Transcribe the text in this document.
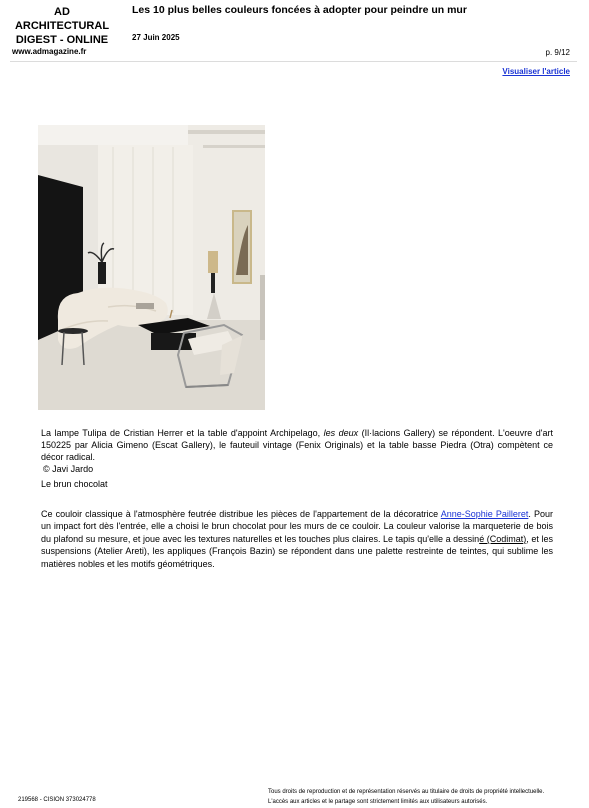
AD
ARCHITECTURAL
DIGEST - ONLINE
www.admagazine.fr
Les 10 plus belles couleurs foncées à adopter pour peindre un mur
27 Juin 2025
p. 9/12
Visualiser l'article

La lampe Tulipa de Cristian Herrer et la table d'appoint Archipelago, les deux (Il·lacions Gallery) se répondent. L'oeuvre d'art 150225 par Alicia Gimeno (Escat Gallery), le fauteuil vintage (Fenix Originals) et la table basse Piedra (Otra) compètent ce décor radical.

© Javi Jardo
Le brun chocolat
Ce couloir classique à l'atmosphère feutrée distribue les pièces de l'appartement de la décoratrice Anne-Sophie Pailleret. Pour un impact fort dès l'entrée, elle a choisi le brun chocolat pour les murs de ce couloir. La couleur valorise la marqueterie de bois du plafond su mesure, et joue avec les textures naturelles et les touches plus claires. Le tapis qu'elle a dessiné (Codimat), et les suspensions (Atelier Areti), les appliques (François Bazin) se répondent dans une palette restreinte de teintes, qui sublime les matières nobles et les motifs géométriques.
219568 - CISION 373024778
Tous droits de reproduction et de représentation réservés au titulaire de droits de propriété intellectuelle.
L'accès aux articles et le partage sont strictement limités aux utilisateurs autorisés.
